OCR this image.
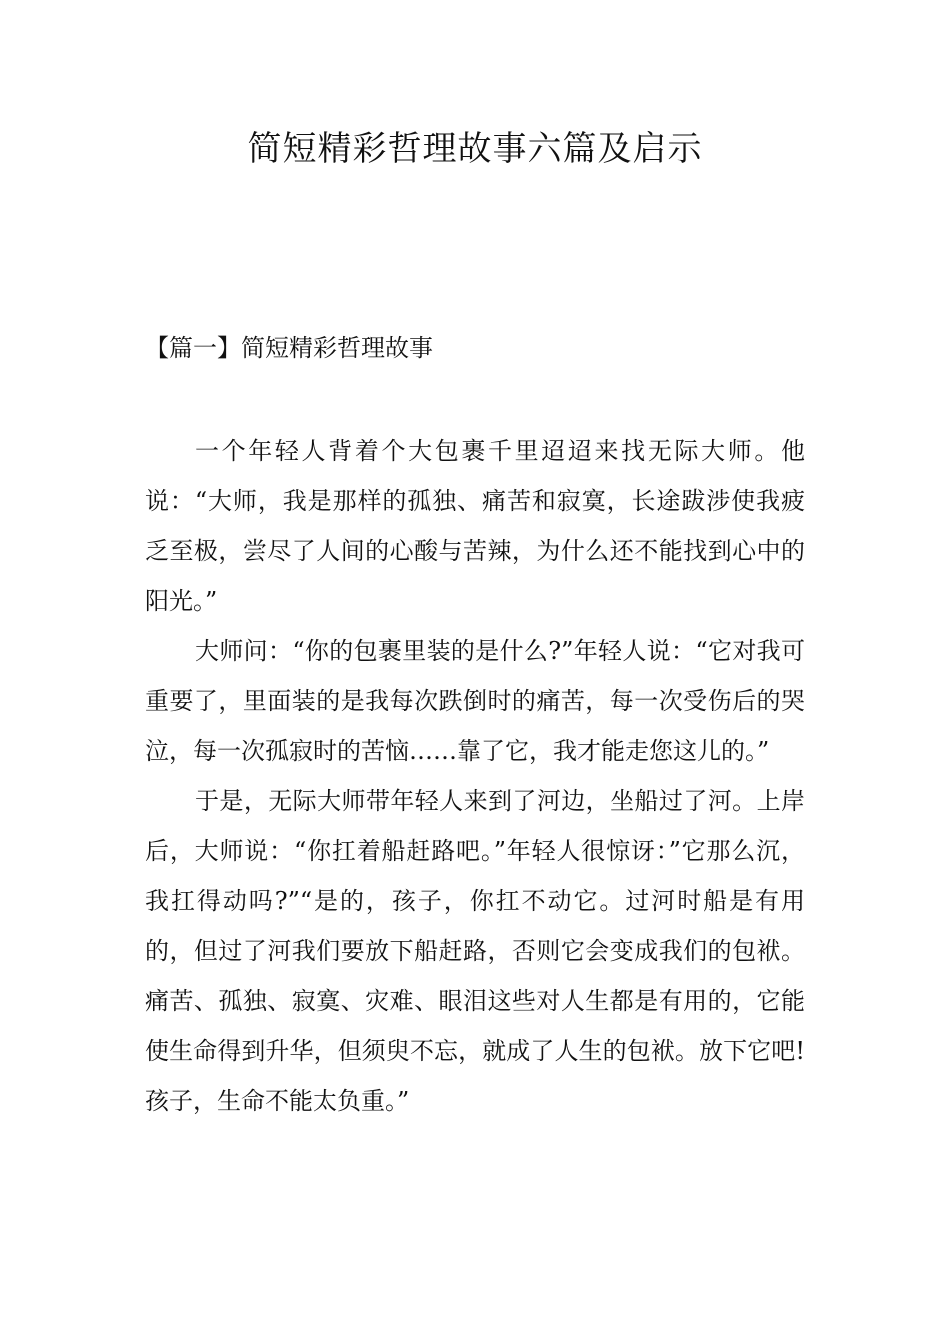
简短精彩哲理故事六篇及启示
【篇一】简短精彩哲理故事

一个年轻人背着个大包裹千里迢迢来找无际大师。他说：“大师，我是那样的孤独、痛苦和寂寞，长途跋涉使我疲乏至极，尝尽了人间的心酸与苦辣，为什么还不能找到心中的阳光。”

大师问：“你的包裹里装的是什么?”年轻人说：“它对我可重要了，里面装的是我每次跌倒时的痛苦，每一次受伤后的哭泣，每一次孤寂时的苦恼……靠了它，我才能走您这儿的。”

于是，无际大师带年轻人来到了河边，坐船过了河。上岸后，大师说：“你扛着船赶路吧。”年轻人很惊讶：”它那么沉，我扛得动吗?”“是的，孩子，你扛不动它。过河时船是有用的，但过了河我们要放下船赶路，否则它会变成我们的包袱。痛苦、孤独、寂寞、灾难、眼泪这些对人生都是有用的，它能使生命得到升华，但须臾不忘，就成了人生的包袱。放下它吧!孩子，生命不能太负重。”
